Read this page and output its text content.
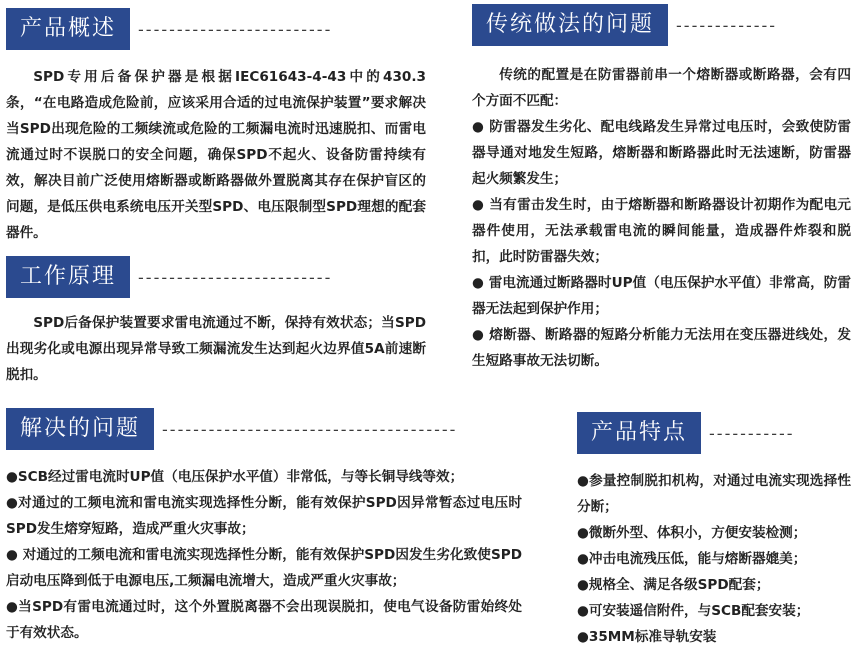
产品概述	-------------------------

SPD专用后备保护器是根据IEC61643-4-43中的430.3条，“在电路造成危险前，应该采用合适的过电流保护装置”要求解决当SPD出现危险的工频续流或危险的工频漏电流时迅速脱扣、而雷电流通过时不误脱口的安全问题，确保SPD不起火、设备防雷持续有效，解决目前广泛使用熔断器或断路器做外置脱离其存在保护盲区的问题，是低压供电系统电压开关型SPD、电压限制型SPD理想的配套器件。

工作原理	-------------------------

SPD后备保护装置要求雷电流通过不断，保持有效状态；当SPD出现劣化或电源出现异常导致工频漏流发生达到起火边界值5A前速断脱扣。

传统做法的问题	-------------

传统的配置是在防雷器前串一个熔断器或断路器，会有四个方面不匹配：

● 防雷器发生劣化、配电线路发生异常过电压时，会致使防雷器导通对地发生短路，熔断器和断路器此时无法速断，防雷器起火频繁发生；

● 当有雷击发生时，由于熔断器和断路器设计初期作为配电元器件使用，无法承载雷电流的瞬间能量，造成器件炸裂和脱扣，此时防雷器失效；

● 雷电流通过断路器时UP值（电压保护水平值）非常高，防雷器无法起到保护作用；

● 熔断器、断路器的短路分析能力无法用在变压器进线处，发生短路事故无法切断。

解决的问题	--------------------------------------

●SCB经过雷电流时UP值（电压保护水平值）非常低，与等长铜导线等效；

●对通过的工频电流和雷电流实现选择性分断，能有效保护SPD因异常暂态过电压时SPD发生熔穿短路，造成严重火灾事故；

● 对通过的工频电流和雷电流实现选择性分断，能有效保护SPD因发生劣化致使SPD启动电压降到低于电源电压,工频漏电流增大，造成严重火灾事故；

●当SPD有雷电流通过时，这个外置脱离器不会出现误脱扣，使电气设备防雷始终处于有效状态。

产品特点	-----------

●参量控制脱扣机构，对通过电流实现选择性分断；

●微断外型、体积小，方便安装检测；

●冲击电流残压低，能与熔断器媲美；

●规格全、满足各级SPD配套；

●可安装遥信附件，与SCB配套安装；

●35MM标准导轨安装
